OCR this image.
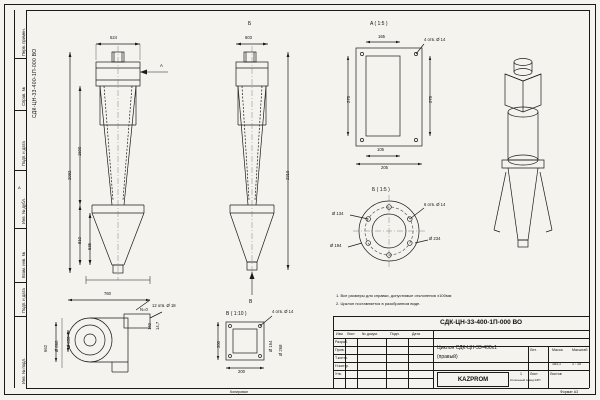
Перв. примен.
Справ. №
Подп. и дата
Инв. № дубл.
Взам. инв. №
Подп. и дата
Инв. № подл.
A
СДК-ЦН-33-400-1П-000 ВО
524
A
1500
810
535
2092
Б
603
2210
В
A ( 1:5 )
165
4 отв. Ø 14
275	275
105
205
Б ( 1:5 )
6 отв. Ø 14
Ø 134
Ø 194
Ø 234
В ( 1:10 )	4 отв. Ø 14
200
200
Ø 164 Ø 268
760
12 отв. Ø 18
N=0
Ø 450
Ø 860
662
14,7
140
1. Все размеры для справки, допустимые отклонения ±100мм
2. Циклон поставляется в разобранном виде.
СДК-ЦН-33-400-1П-000 ВО
Изм Лист № докум.	Подп.	Дата
Разраб.
Пров.
Т.контр.
Н.контр.
Утв.
Циклон СДК-ЦН-33-400х1
(правый)
Лит.	Масса	Масштаб
183,1	1 : 15
Лист	Листов
1
KAZPROM	Котельный завод КЗП
Формат A3
Копировал
